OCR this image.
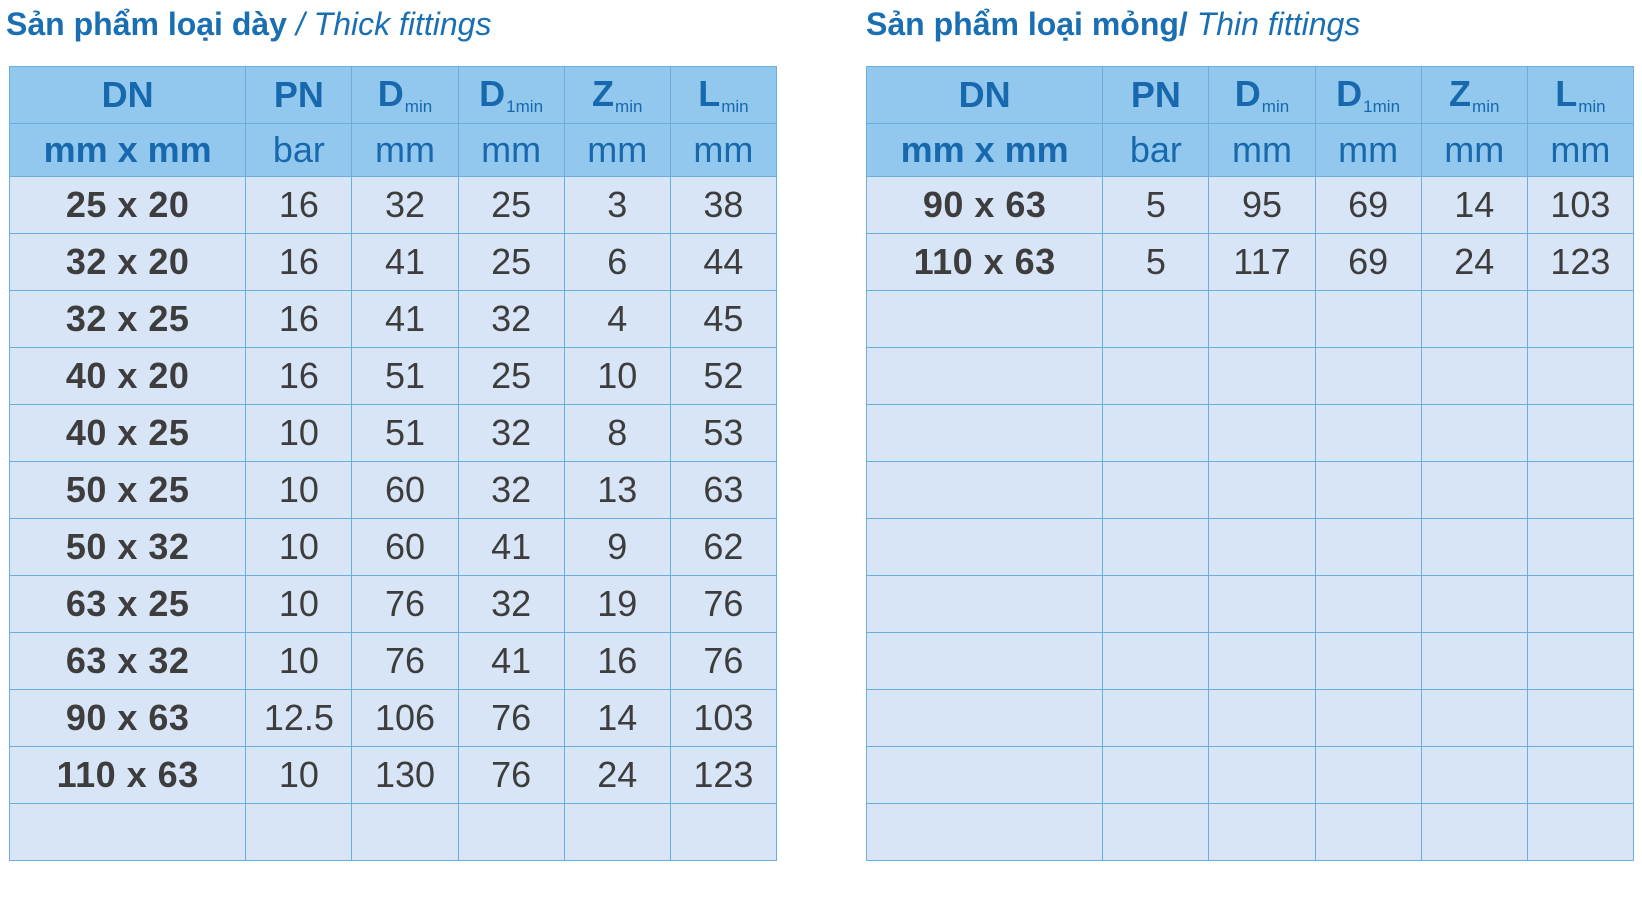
Sản phẩm loại dày / Thick fittings
DN	PN	$D_{min}$	$D_{1min}$	$Z_{min}$	$L_{min}$
mm x mm	bar	mm	mm	mm	mm
25 x 20	16	32	25	3	38
32 x 20	16	41	25	6	44
32 x 25	16	41	32	4	45
40 x 20	16	51	25	10	52
40 x 25	10	51	32	8	53
50 x 25	10	60	32	13	63
50 x 32	10	60	41	9	62
63 x 25	10	76	32	19	76
63 x 32	10	76	41	16	76
90 x 63	12.5	106	76	14	103
110 x 63	10	130	76	24	123

Sản phẩm loại mỏng/ Thin fittings
DN	PN	$D_{min}$	$D_{1min}$	$Z_{min}$	$L_{min}$
mm x mm	bar	mm	mm	mm	mm
90 x 63	5	95	69	14	103
110 x 63	5	117	69	24	123
